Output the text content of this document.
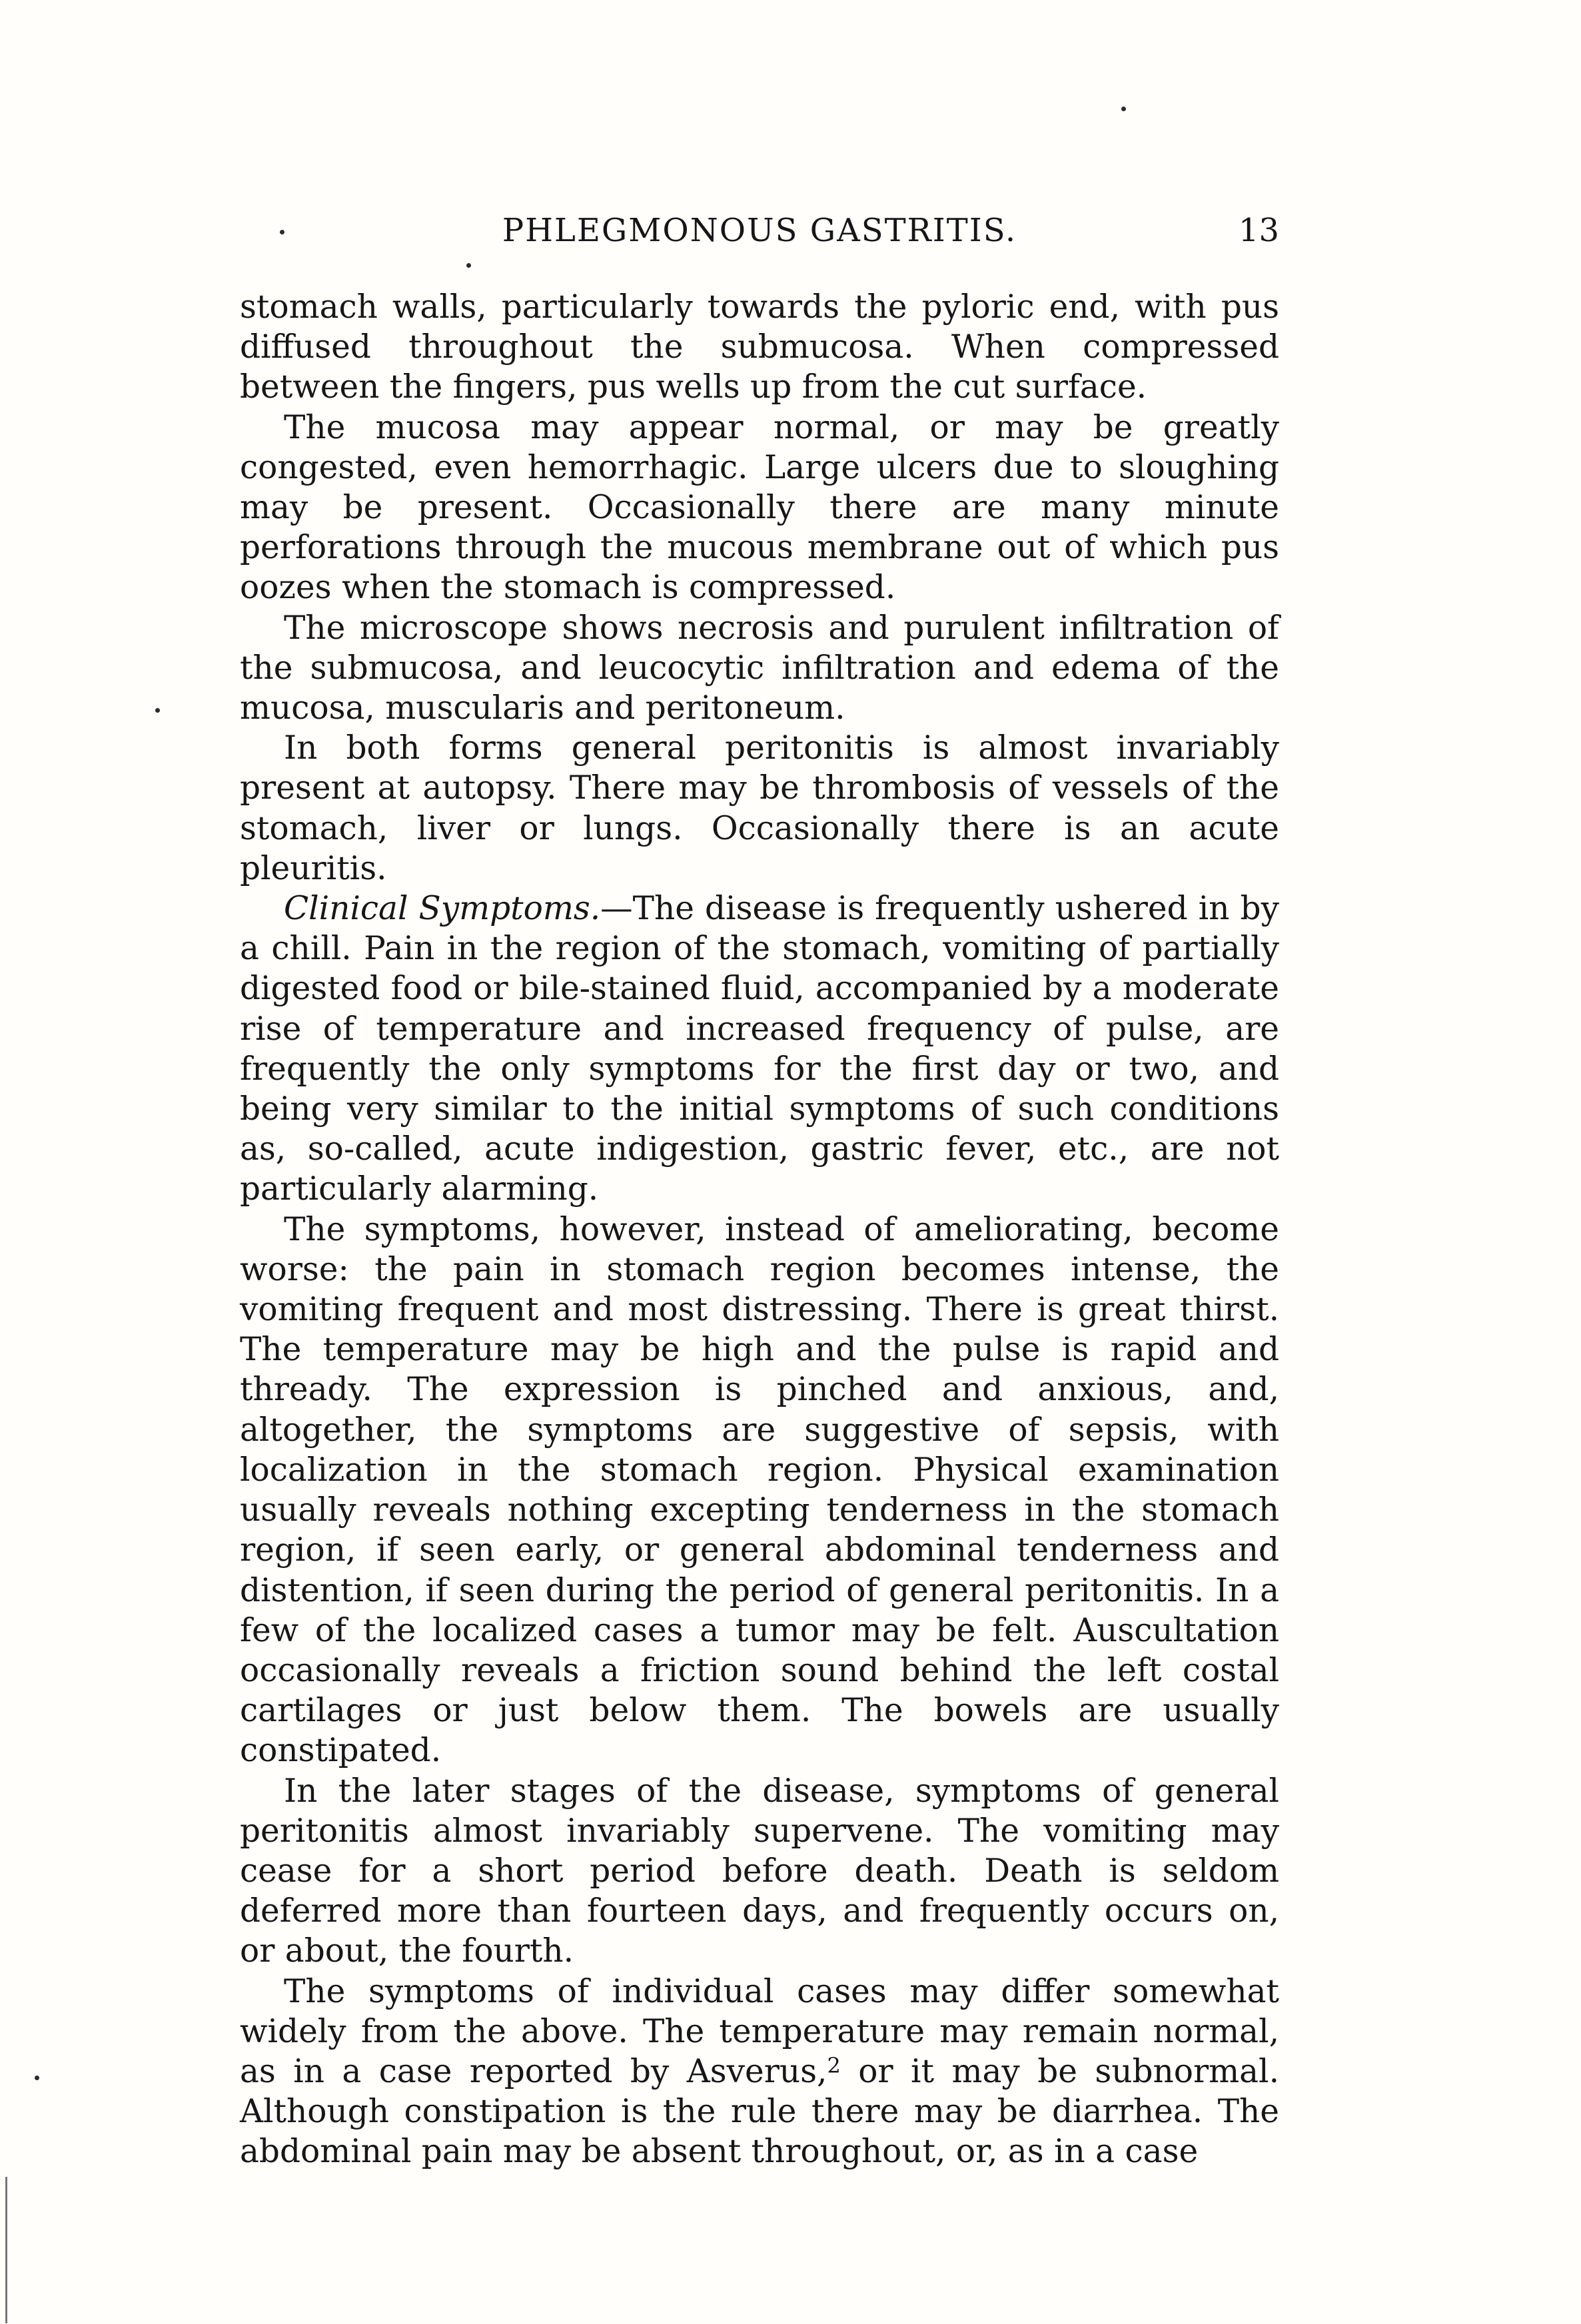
PHLEGMONOUS GASTRITIS.	13

stomach walls, particularly towards the pyloric end, with pus diffused throughout the submucosa. When compressed between the fingers, pus wells up from the cut surface.

The mucosa may appear normal, or may be greatly congested, even hemorrhagic. Large ulcers due to sloughing may be present. Occasionally there are many minute perforations through the mucous membrane out of which pus oozes when the stomach is compressed.

The microscope shows necrosis and purulent infiltration of the submucosa, and leucocytic infiltration and edema of the mucosa, muscularis and peritoneum.

In both forms general peritonitis is almost invariably present at autopsy. There may be thrombosis of vessels of the stomach, liver or lungs. Occasionally there is an acute pleuritis.

Clinical Symptoms.—The disease is frequently ushered in by a chill. Pain in the region of the stomach, vomiting of partially digested food or bile-stained fluid, accompanied by a moderate rise of temperature and increased frequency of pulse, are frequently the only symptoms for the first day or two, and being very similar to the initial symptoms of such conditions as, so-called, acute indigestion, gastric fever, etc., are not particularly alarming.

The symptoms, however, instead of ameliorating, become worse: the pain in stomach region becomes intense, the vomiting frequent and most distressing. There is great thirst. The temperature may be high and the pulse is rapid and thready. The expression is pinched and anxious, and, altogether, the symptoms are suggestive of sepsis, with localization in the stomach region. Physical examination usually reveals nothing excepting tenderness in the stomach region, if seen early, or general abdominal tenderness and distention, if seen during the period of general peritonitis. In a few of the localized cases a tumor may be felt. Auscultation occasionally reveals a friction sound behind the left costal cartilages or just below them. The bowels are usually constipated.

In the later stages of the disease, symptoms of general peritonitis almost invariably supervene. The vomiting may cease for a short period before death. Death is seldom deferred more than fourteen days, and frequently occurs on, or about, the fourth.

The symptoms of individual cases may differ somewhat widely from the above. The temperature may remain normal, as in a case reported by Asverus,$^2$ or it may be subnormal. Although constipation is the rule there may be diarrhea. The abdominal pain may be absent throughout, or, as in a case
